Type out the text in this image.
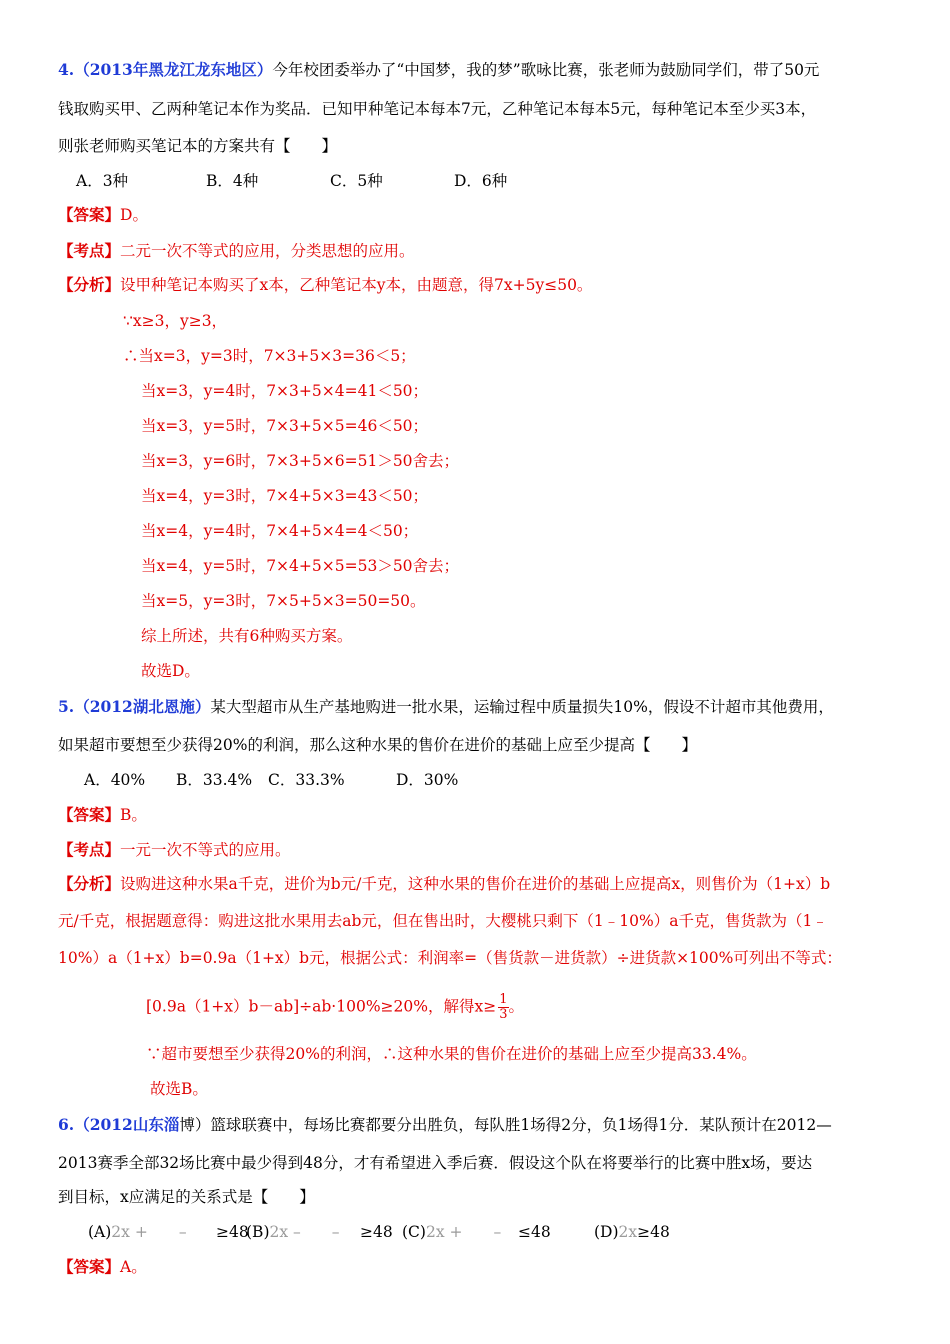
4.（2013年黑龙江龙东地区）今年校团委举办了“中国梦，我的梦”歌咏比赛，张老师为鼓励同学们，带了50元
钱取购买甲、乙两种笔记本作为奖品．已知甲种笔记本每本7元，乙种笔记本每本5元，每种笔记本至少买3本，
则张老师购买笔记本的方案共有【　　】
A．3种	B．4种	C．5种	D．6种
【答案】D。
【考点】二元一次不等式的应用，分类思想的应用。
【分析】设甲种笔记本购买了x本，乙种笔记本y本，由题意，得7x+5y≤50。
∵x≥3，y≥3，
∴当x=3，y=3时，7×3+5×3=36＜5；
当x=3，y=4时，7×3+5×4=41＜50；
当x=3，y=5时，7×3+5×5=46＜50；
当x=3，y=6时，7×3+5×6=51＞50舍去；
当x=4，y=3时，7×4+5×3=43＜50；
当x=4，y=4时，7×4+5×4=4＜50；
当x=4，y=5时，7×4+5×5=53＞50舍去；
当x=5，y=3时，7×5+5×3=50=50。
综上所述，共有6种购买方案。
故选D。
5.（2012湖北恩施）某大型超市从生产基地购进一批水果，运输过程中质量损失10%，假设不计超市其他费用，
如果超市要想至少获得20%的利润，那么这种水果的售价在进价的基础上应至少提高【　　】
A．40% B．33.4% C．33.3%	D．30%
【答案】B。
【考点】一元一次不等式的应用。
【分析】设购进这种水果a千克，进价为b元/千克，这种水果的售价在进价的基础上应提高x，则售价为（1+x）b
元/千克，根据题意得：购进这批水果用去ab元，但在售出时，大樱桃只剩下（1﹣10%）a千克，售货款为（1﹣
10%）a（1+x）b=0.9a（1+x）b元，根据公式：利润率=（售货款－进货款）÷进货款×100%可列出不等式：
[0.9a（1+x）b－ab]÷ab·100%≥20%，解得$x\ge \frac{1}{3}$ 。
∵超市要想至少获得20%的利润，∴这种水果的售价在进价的基础上应至少提高33.4%。
故选B。
6.（2012山东淄博）篮球联赛中，每场比赛都要分出胜负，每队胜1场得2分，负1场得1分．某队预计在2012—
2013赛季全部32场比赛中最少得到48分，才有希望进入季后赛．假设这个队在将要举行的比赛中胜x场，要达
到目标，x应满足的关系式是【　　】
(A)2x +　　– ≥48
(B)2x –　　– ≥48 (C)2x +　　– ≤48	(D)2x≥48
【答案】A。
